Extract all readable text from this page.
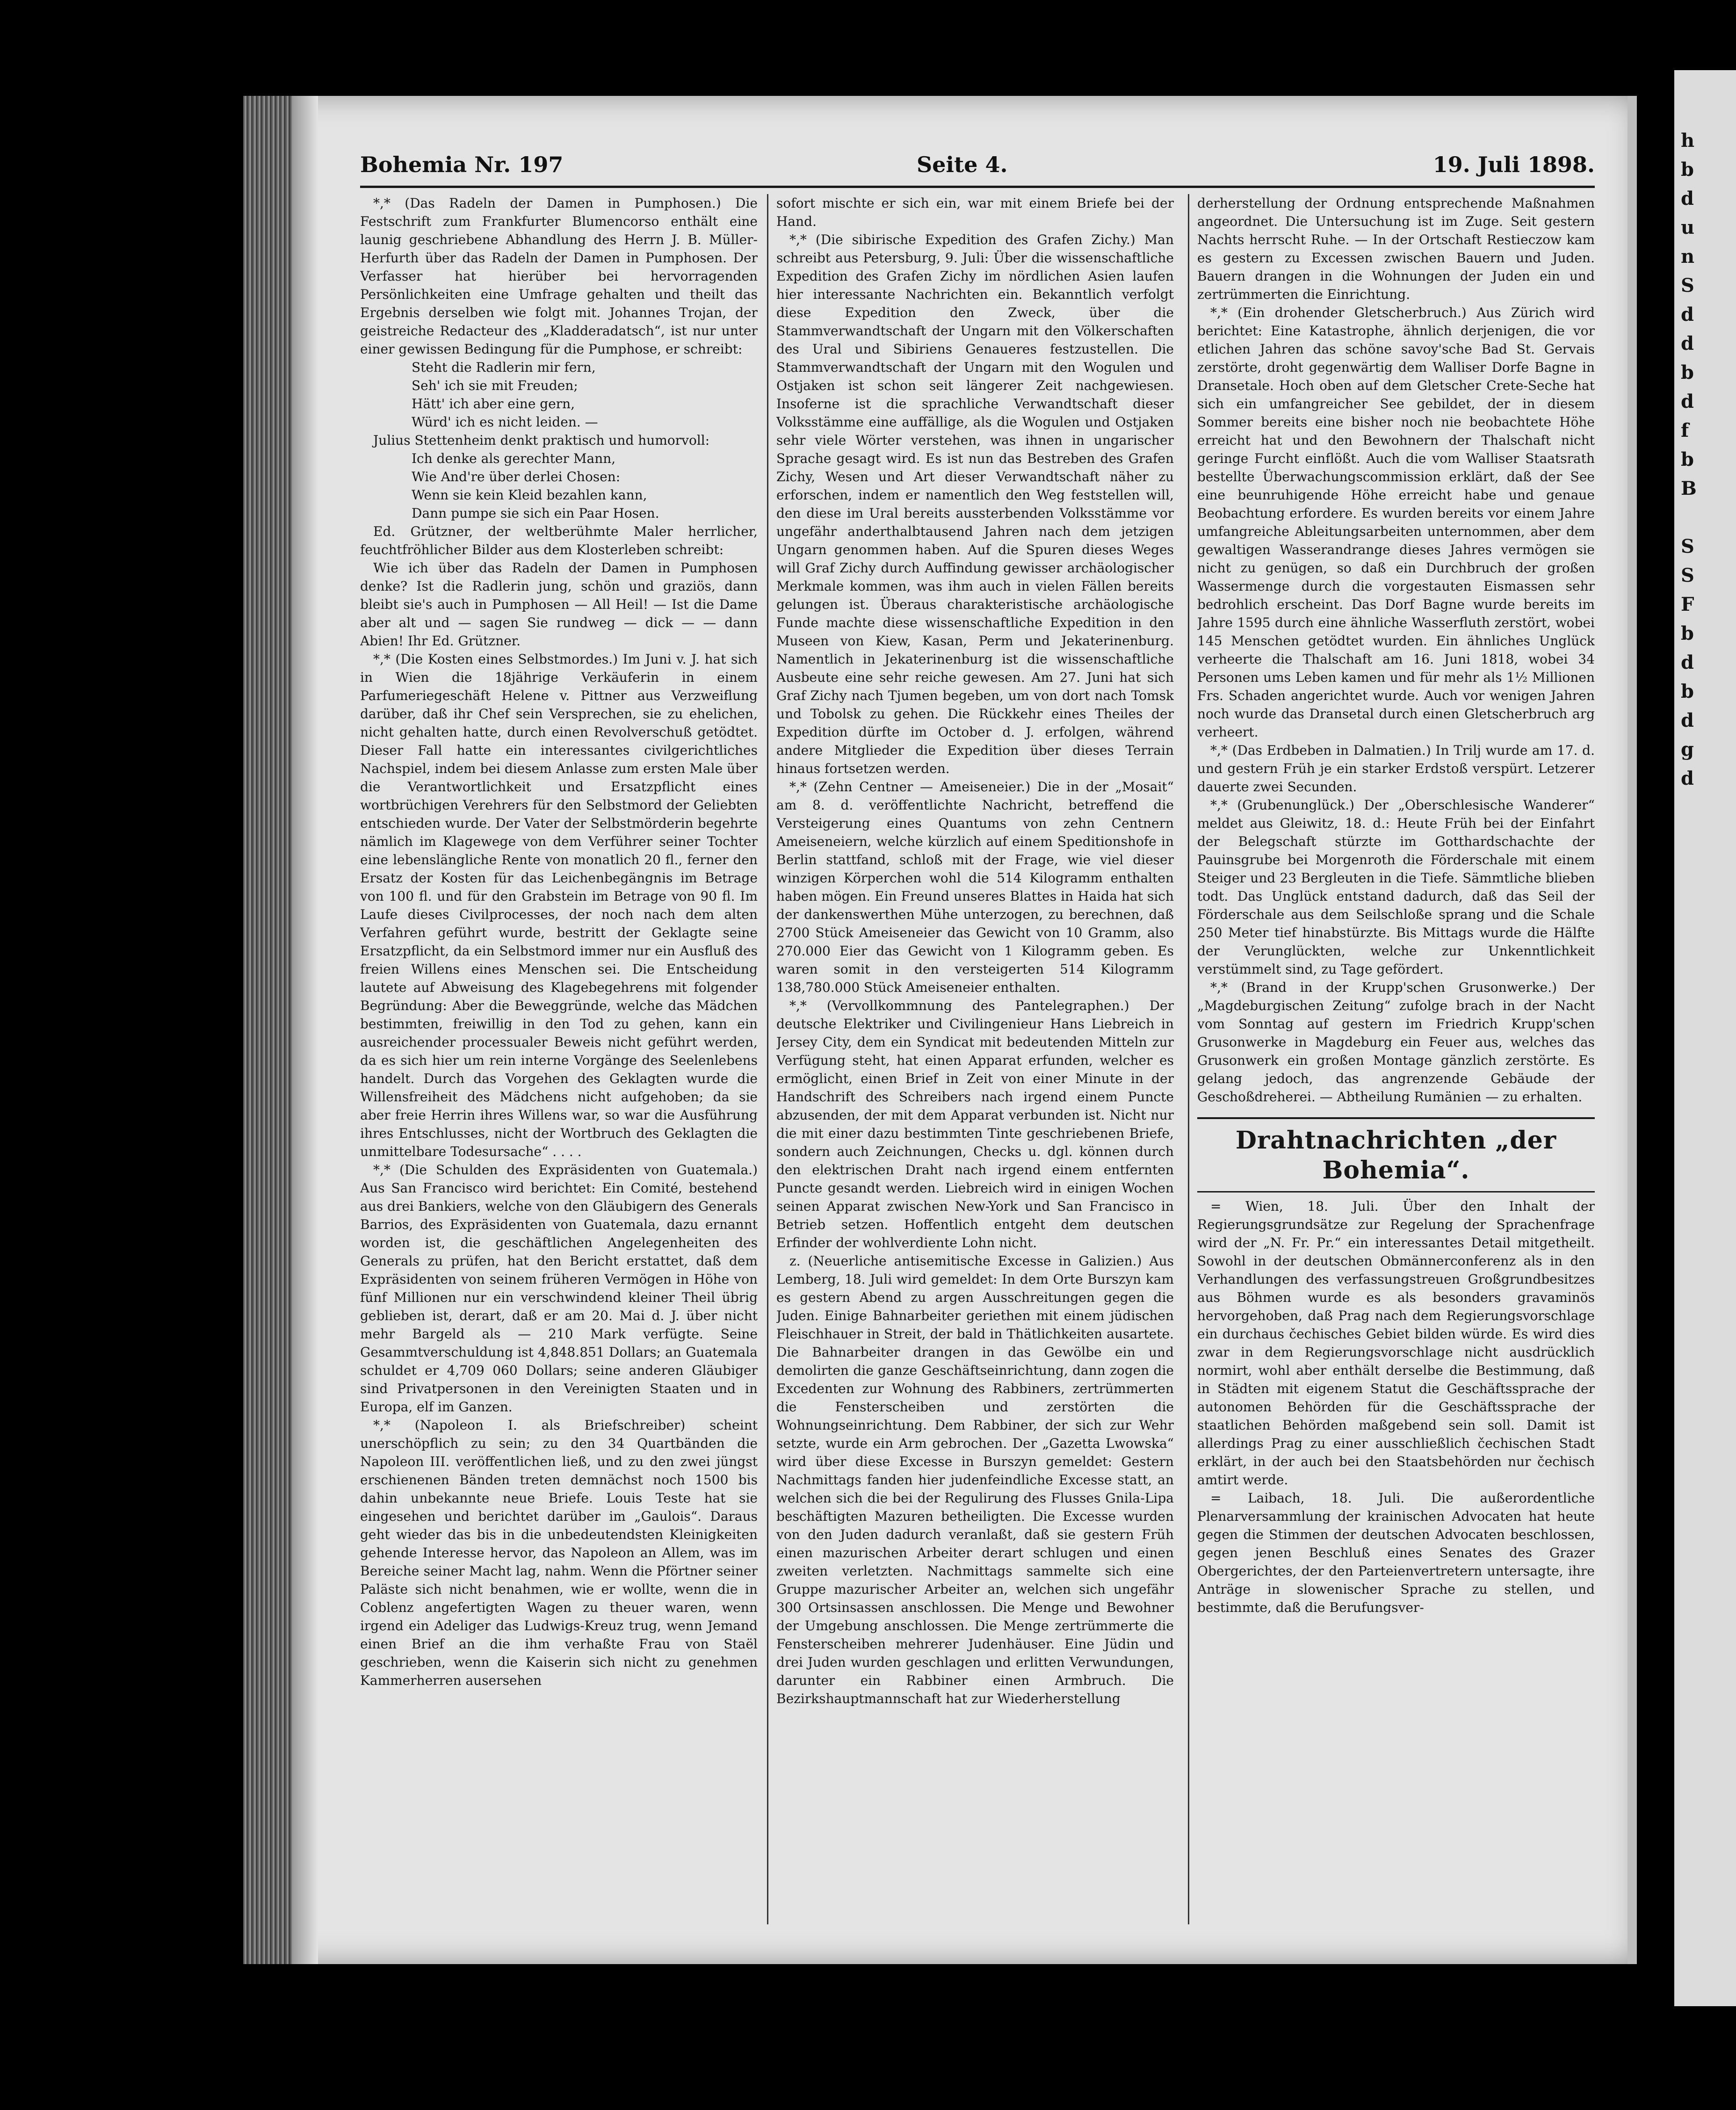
Bohemia Nr. 197	Seite 4.	19. Juli 1898.

*,* (Das Radeln der Damen in Pumphosen.) Die Festschrift zum Frankfurter Blumencorso enthält eine launig geschriebene Abhandlung des Herrn J. B. Müller-Herfurth über das Radeln der Damen in Pumphosen. Der Verfasser hat hierüber bei hervorragenden Persönlichkeiten eine Umfrage gehalten und theilt das Ergebnis derselben wie folgt mit. Johannes Trojan, der geistreiche Redacteur des „Kladderadatsch“, ist nur unter einer gewissen Bedingung für die Pumphose, er schreibt:

Steht die Radlerin mir fern,

Seh' ich sie mit Freuden;

Hätt' ich aber eine gern,

Würd' ich es nicht leiden. —

Julius Stettenheim denkt praktisch und humorvoll:

Ich denke als gerechter Mann,

Wie And're über derlei Chosen:

Wenn sie kein Kleid bezahlen kann,

Dann pumpe sie sich ein Paar Hosen.

Ed. Grützner, der weltberühmte Maler herrlicher, feuchtfröhlicher Bilder aus dem Klosterleben schreibt:

Wie ich über das Radeln der Damen in Pumphosen denke? Ist die Radlerin jung, schön und graziös, dann bleibt sie's auch in Pumphosen — All Heil! — Ist die Dame aber alt und — sagen Sie rundweg — dick — — dann Abien! Ihr Ed. Grützner.

*,* (Die Kosten eines Selbstmordes.) Im Juni v. J. hat sich in Wien die 18jährige Verkäuferin in einem Parfumeriegeschäft Helene v. Pittner aus Verzweiflung darüber, daß ihr Chef sein Versprechen, sie zu ehelichen, nicht gehalten hatte, durch einen Revolverschuß getödtet. Dieser Fall hatte ein interessantes civilgerichtliches Nachspiel, indem bei diesem Anlasse zum ersten Male über die Verantwortlichkeit und Ersatzpflicht eines wortbrüchigen Verehrers für den Selbstmord der Geliebten entschieden wurde. Der Vater der Selbstmörderin begehrte nämlich im Klagewege von dem Verführer seiner Tochter eine lebenslängliche Rente von monatlich 20 fl., ferner den Ersatz der Kosten für das Leichenbegängnis im Betrage von 100 fl. und für den Grabstein im Betrage von 90 fl. Im Laufe dieses Civilprocesses, der noch nach dem alten Verfahren geführt wurde, bestritt der Geklagte seine Ersatzpflicht, da ein Selbstmord immer nur ein Ausfluß des freien Willens eines Menschen sei. Die Entscheidung lautete auf Abweisung des Klagebegehrens mit folgender Begründung: Aber die Beweggründe, welche das Mädchen bestimmten, freiwillig in den Tod zu gehen, kann ein ausreichender processualer Beweis nicht geführt werden, da es sich hier um rein interne Vorgänge des Seelenlebens handelt. Durch das Vorgehen des Geklagten wurde die Willensfreiheit des Mädchens nicht aufgehoben; da sie aber freie Herrin ihres Willens war, so war die Ausführung ihres Entschlusses, nicht der Wortbruch des Geklagten die unmittelbare Todesursache“ . . . .

*,* (Die Schulden des Expräsidenten von Guatemala.) Aus San Francisco wird berichtet: Ein Comité, bestehend aus drei Bankiers, welche von den Gläubigern des Generals Barrios, des Expräsidenten von Guatemala, dazu ernannt worden ist, die geschäftlichen Angelegenheiten des Generals zu prüfen, hat den Bericht erstattet, daß dem Expräsidenten von seinem früheren Vermögen in Höhe von fünf Millionen nur ein verschwindend kleiner Theil übrig geblieben ist, derart, daß er am 20. Mai d. J. über nicht mehr Bargeld als — 210 Mark verfügte. Seine Gesammtverschuldung ist 4,848.851 Dollars; an Guatemala schuldet er 4,709 060 Dollars; seine anderen Gläubiger sind Privatpersonen in den Vereinigten Staaten und in Europa, elf im Ganzen.

*,* (Napoleon I. als Briefschreiber) scheint unerschöpflich zu sein; zu den 34 Quartbänden die Napoleon III. veröffentlichen ließ, und zu den zwei jüngst erschienenen Bänden treten demnächst noch 1500 bis dahin unbekannte neue Briefe. Louis Teste hat sie eingesehen und berichtet darüber im „Gaulois“. Daraus geht wieder das bis in die unbedeutendsten Kleinigkeiten gehende Interesse hervor, das Napoleon an Allem, was im Bereiche seiner Macht lag, nahm. Wenn die Pförtner seiner Paläste sich nicht benahmen, wie er wollte, wenn die in Coblenz angefertigten Wagen zu theuer waren, wenn irgend ein Adeliger das Ludwigs-Kreuz trug, wenn Jemand einen Brief an die ihm verhaßte Frau von Staël geschrieben, wenn die Kaiserin sich nicht zu genehmen Kammerherren ausersehen

sofort mischte er sich ein, war mit einem Briefe bei der Hand.

*,* (Die sibirische Expedition des Grafen Zichy.) Man schreibt aus Petersburg, 9. Juli: Über die wissenschaftliche Expedition des Grafen Zichy im nördlichen Asien laufen hier interessante Nachrichten ein. Bekanntlich verfolgt diese Expedition den Zweck, über die Stammverwandtschaft der Ungarn mit den Völkerschaften des Ural und Sibiriens Genaueres festzustellen. Die Stammverwandtschaft der Ungarn mit den Wogulen und Ostjaken ist schon seit längerer Zeit nachgewiesen. Insoferne ist die sprachliche Verwandtschaft dieser Volksstämme eine auffällige, als die Wogulen und Ostjaken sehr viele Wörter verstehen, was ihnen in ungarischer Sprache gesagt wird. Es ist nun das Bestreben des Grafen Zichy, Wesen und Art dieser Verwandtschaft näher zu erforschen, indem er namentlich den Weg feststellen will, den diese im Ural bereits aussterbenden Volksstämme vor ungefähr anderthalbtausend Jahren nach dem jetzigen Ungarn genommen haben. Auf die Spuren dieses Weges will Graf Zichy durch Auffindung gewisser archäologischer Merkmale kommen, was ihm auch in vielen Fällen bereits gelungen ist. Überaus charakteristische archäologische Funde machte diese wissenschaftliche Expedition in den Museen von Kiew, Kasan, Perm und Jekaterinenburg. Namentlich in Jekaterinenburg ist die wissenschaftliche Ausbeute eine sehr reiche gewesen. Am 27. Juni hat sich Graf Zichy nach Tjumen begeben, um von dort nach Tomsk und Tobolsk zu gehen. Die Rückkehr eines Theiles der Expedition dürfte im October d. J. erfolgen, während andere Mitglieder die Expedition über dieses Terrain hinaus fortsetzen werden.

*,* (Zehn Centner — Ameiseneier.) Die in der „Mosait“ am 8. d. veröffentlichte Nachricht, betreffend die Versteigerung eines Quantums von zehn Centnern Ameiseneiern, welche kürzlich auf einem Speditionshofe in Berlin stattfand, schloß mit der Frage, wie viel dieser winzigen Körperchen wohl die 514 Kilogramm enthalten haben mögen. Ein Freund unseres Blattes in Haida hat sich der dankenswerthen Mühe unterzogen, zu berechnen, daß 2700 Stück Ameiseneier das Gewicht von 10 Gramm, also 270.000 Eier das Gewicht von 1 Kilogramm geben. Es waren somit in den versteigerten 514 Kilogramm 138,780.000 Stück Ameiseneier enthalten.

*,* (Vervollkommnung des Pantelegraphen.) Der deutsche Elektriker und Civilingenieur Hans Liebreich in Jersey City, dem ein Syndicat mit bedeutenden Mitteln zur Verfügung steht, hat einen Apparat erfunden, welcher es ermöglicht, einen Brief in Zeit von einer Minute in der Handschrift des Schreibers nach irgend einem Puncte abzusenden, der mit dem Apparat verbunden ist. Nicht nur die mit einer dazu bestimmten Tinte geschriebenen Briefe, sondern auch Zeichnungen, Checks u. dgl. können durch den elektrischen Draht nach irgend einem entfernten Puncte gesandt werden. Liebreich wird in einigen Wochen seinen Apparat zwischen New-York und San Francisco in Betrieb setzen. Hoffentlich entgeht dem deutschen Erfinder der wohlverdiente Lohn nicht.

z. (Neuerliche antisemitische Excesse in Galizien.) Aus Lemberg, 18. Juli wird gemeldet: In dem Orte Burszyn kam es gestern Abend zu argen Ausschreitungen gegen die Juden. Einige Bahnarbeiter geriethen mit einem jüdischen Fleischhauer in Streit, der bald in Thätlichkeiten ausartete. Die Bahnarbeiter drangen in das Gewölbe ein und demolirten die ganze Geschäftseinrichtung, dann zogen die Excedenten zur Wohnung des Rabbiners, zertrümmerten die Fensterscheiben und zerstörten die Wohnungseinrichtung. Dem Rabbiner, der sich zur Wehr setzte, wurde ein Arm gebrochen. Der „Gazetta Lwowska“ wird über diese Excesse in Burszyn gemeldet: Gestern Nachmittags fanden hier judenfeindliche Excesse statt, an welchen sich die bei der Regulirung des Flusses Gnila-Lipa beschäftigten Mazuren betheiligten. Die Excesse wurden von den Juden dadurch veranlaßt, daß sie gestern Früh einen mazurischen Arbeiter derart schlugen und einen zweiten verletzten. Nachmittags sammelte sich eine Gruppe mazurischer Arbeiter an, welchen sich ungefähr 300 Ortsinsassen anschlossen. Die Menge und Bewohner der Umgebung anschlossen. Die Menge zertrümmerte die Fensterscheiben mehrerer Judenhäuser. Eine Jüdin und drei Juden wurden geschlagen und erlitten Verwundungen, darunter ein Rabbiner einen Armbruch. Die Bezirkshauptmannschaft hat zur Wiederherstellung

derherstellung der Ordnung entsprechende Maßnahmen angeordnet. Die Untersuchung ist im Zuge. Seit gestern Nachts herrscht Ruhe. — In der Ortschaft Restieczow kam es gestern zu Excessen zwischen Bauern und Juden. Bauern drangen in die Wohnungen der Juden ein und zertrümmerten die Einrichtung.

*,* (Ein drohender Gletscherbruch.) Aus Zürich wird berichtet: Eine Katastrophe, ähnlich derjenigen, die vor etlichen Jahren das schöne savoy'sche Bad St. Gervais zerstörte, droht gegenwärtig dem Walliser Dorfe Bagne in Dransetale. Hoch oben auf dem Gletscher Crete-Seche hat sich ein umfangreicher See gebildet, der in diesem Sommer bereits eine bisher noch nie beobachtete Höhe erreicht hat und den Bewohnern der Thalschaft nicht geringe Furcht einflößt. Auch die vom Walliser Staatsrath bestellte Überwachungscommission erklärt, daß der See eine beunruhigende Höhe erreicht habe und genaue Beobachtung erfordere. Es wurden bereits vor einem Jahre umfangreiche Ableitungsarbeiten unternommen, aber dem gewaltigen Wasserandrange dieses Jahres vermögen sie nicht zu genügen, so daß ein Durchbruch der großen Wassermenge durch die vorgestauten Eismassen sehr bedrohlich erscheint. Das Dorf Bagne wurde bereits im Jahre 1595 durch eine ähnliche Wasserfluth zerstört, wobei 145 Menschen getödtet wurden. Ein ähnliches Unglück verheerte die Thalschaft am 16. Juni 1818, wobei 34 Personen ums Leben kamen und für mehr als 1½ Millionen Frs. Schaden angerichtet wurde. Auch vor wenigen Jahren noch wurde das Dransetal durch einen Gletscherbruch arg verheert.

*,* (Das Erdbeben in Dalmatien.) In Trilj wurde am 17. d. und gestern Früh je ein starker Erdstoß verspürt. Letzerer dauerte zwei Secunden.

*,* (Grubenunglück.) Der „Oberschlesische Wanderer“ meldet aus Gleiwitz, 18. d.: Heute Früh bei der Einfahrt der Belegschaft stürzte im Gotthardschachte der Pauinsgrube bei Morgenroth die Förderschale mit einem Steiger und 23 Bergleuten in die Tiefe. Sämmtliche blieben todt. Das Unglück entstand dadurch, daß das Seil der Förderschale aus dem Seilschloße sprang und die Schale 250 Meter tief hinabstürzte. Bis Mittags wurde die Hälfte der Verunglückten, welche zur Unkenntlichkeit verstümmelt sind, zu Tage gefördert.

*,* (Brand in der Krupp'schen Grusonwerke.) Der „Magdeburgischen Zeitung“ zufolge brach in der Nacht vom Sonntag auf gestern im Friedrich Krupp'schen Grusonwerke in Magdeburg ein Feuer aus, welches das Grusonwerk ein großen Montage gänzlich zerstörte. Es gelang jedoch, das angrenzende Gebäude der Geschoßdreherei. — Abtheilung Rumänien — zu erhalten.

Drahtnachrichten „der Bohemia“.

= Wien, 18. Juli. Über den Inhalt der Regierungsgrundsätze zur Regelung der Sprachenfrage wird der „N. Fr. Pr.“ ein interessantes Detail mitgetheilt. Sowohl in der deutschen Obmännerconferenz als in den Verhandlungen des verfassungstreuen Großgrundbesitzes aus Böhmen wurde es als besonders gravaminös hervorgehoben, daß Prag nach dem Regierungsvorschlage ein durchaus čechisches Gebiet bilden würde. Es wird dies zwar in dem Regierungsvorschlage nicht ausdrücklich normirt, wohl aber enthält derselbe die Bestimmung, daß in Städten mit eigenem Statut die Geschäftssprache der autonomen Behörden für die Geschäftssprache der staatlichen Behörden maßgebend sein soll. Damit ist allerdings Prag zu einer ausschließlich čechischen Stadt erklärt, in der auch bei den Staatsbehörden nur čechisch amtirt werde.

= Laibach, 18. Juli. Die außerordentliche Plenarversammlung der krainischen Advocaten hat heute gegen die Stimmen der deutschen Advocaten beschlossen, gegen jenen Beschluß eines Senates des Grazer Obergerichtes, der den Parteienvertretern untersagte, ihre Anträge in slowenischer Sprache zu stellen, und bestimmte, daß die Berufungsver-

h
b
d
u
n
S
d
d
b
d
f
b
B

S
S
F
b
d
b
d
g
d
